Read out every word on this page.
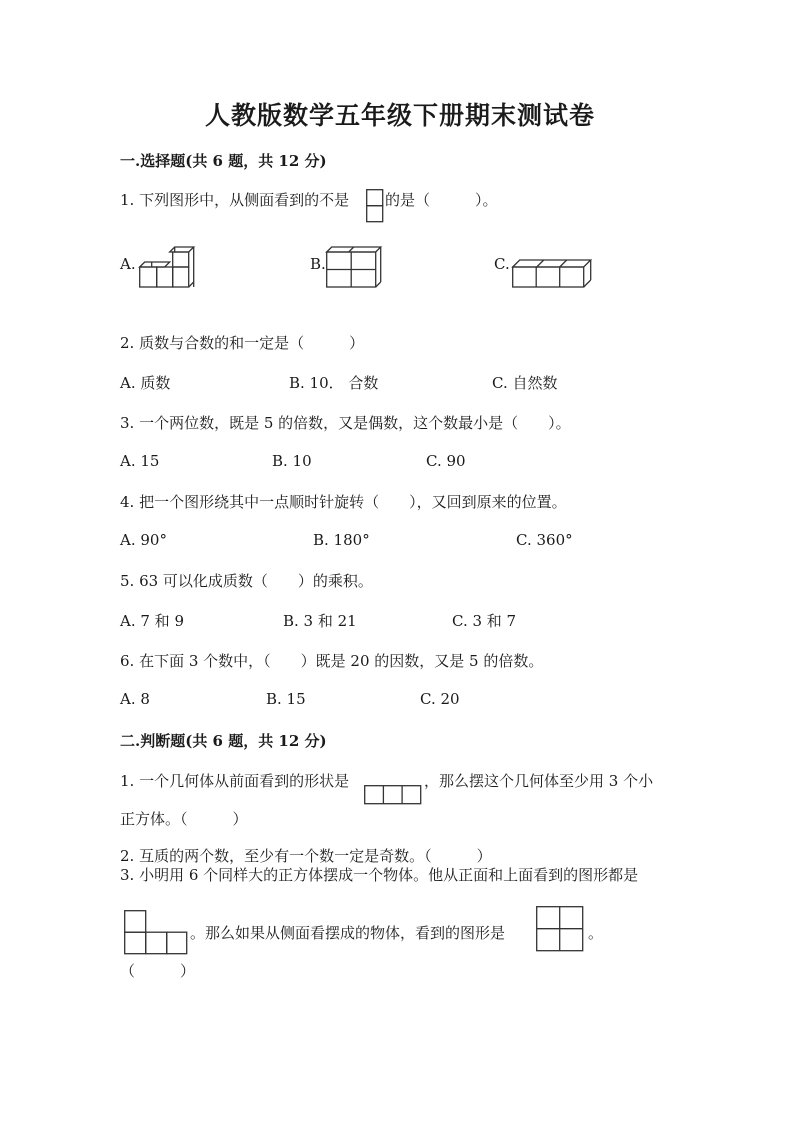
人教版数学五年级下册期末测试卷
一.选择题(共 6 题，共 12 分)
1. 下列图形中，从侧面看到的不是 的是（　　　）。
A.	B.	C.
2. 质数与合数的和一定是（　　　）
A. 质数	B. 10． 合数	C. 自然数
3. 一个两位数，既是 5 的倍数，又是偶数，这个数最小是（　　）。
A. 15	B. 10	C. 90
4. 把一个图形绕其中一点顺时针旋转（　　），又回到原来的位置。
A. 90°	B. 180°	C. 360°
5. 63 可以化成质数（　　）的乘积。
A. 7 和 9	B. 3 和 21	C. 3 和 7
6. 在下面 3 个数中，（　　）既是 20 的因数，又是 5 的倍数。
A. 8	B. 15	C. 20
二.判断题(共 6 题，共 12 分)
1. 一个几何体从前面看到的形状是	，那么摆这个几何体至少用 3 个小
正方体。（　　　）
2. 互质的两个数，至少有一个数一定是奇数。（　　　）
3. 小明用 6 个同样大的正方体摆成一个物体。他从正面和上面看到的图形都是
。那么如果从侧面看摆成的物体，看到的图形是	。
（　　　）
